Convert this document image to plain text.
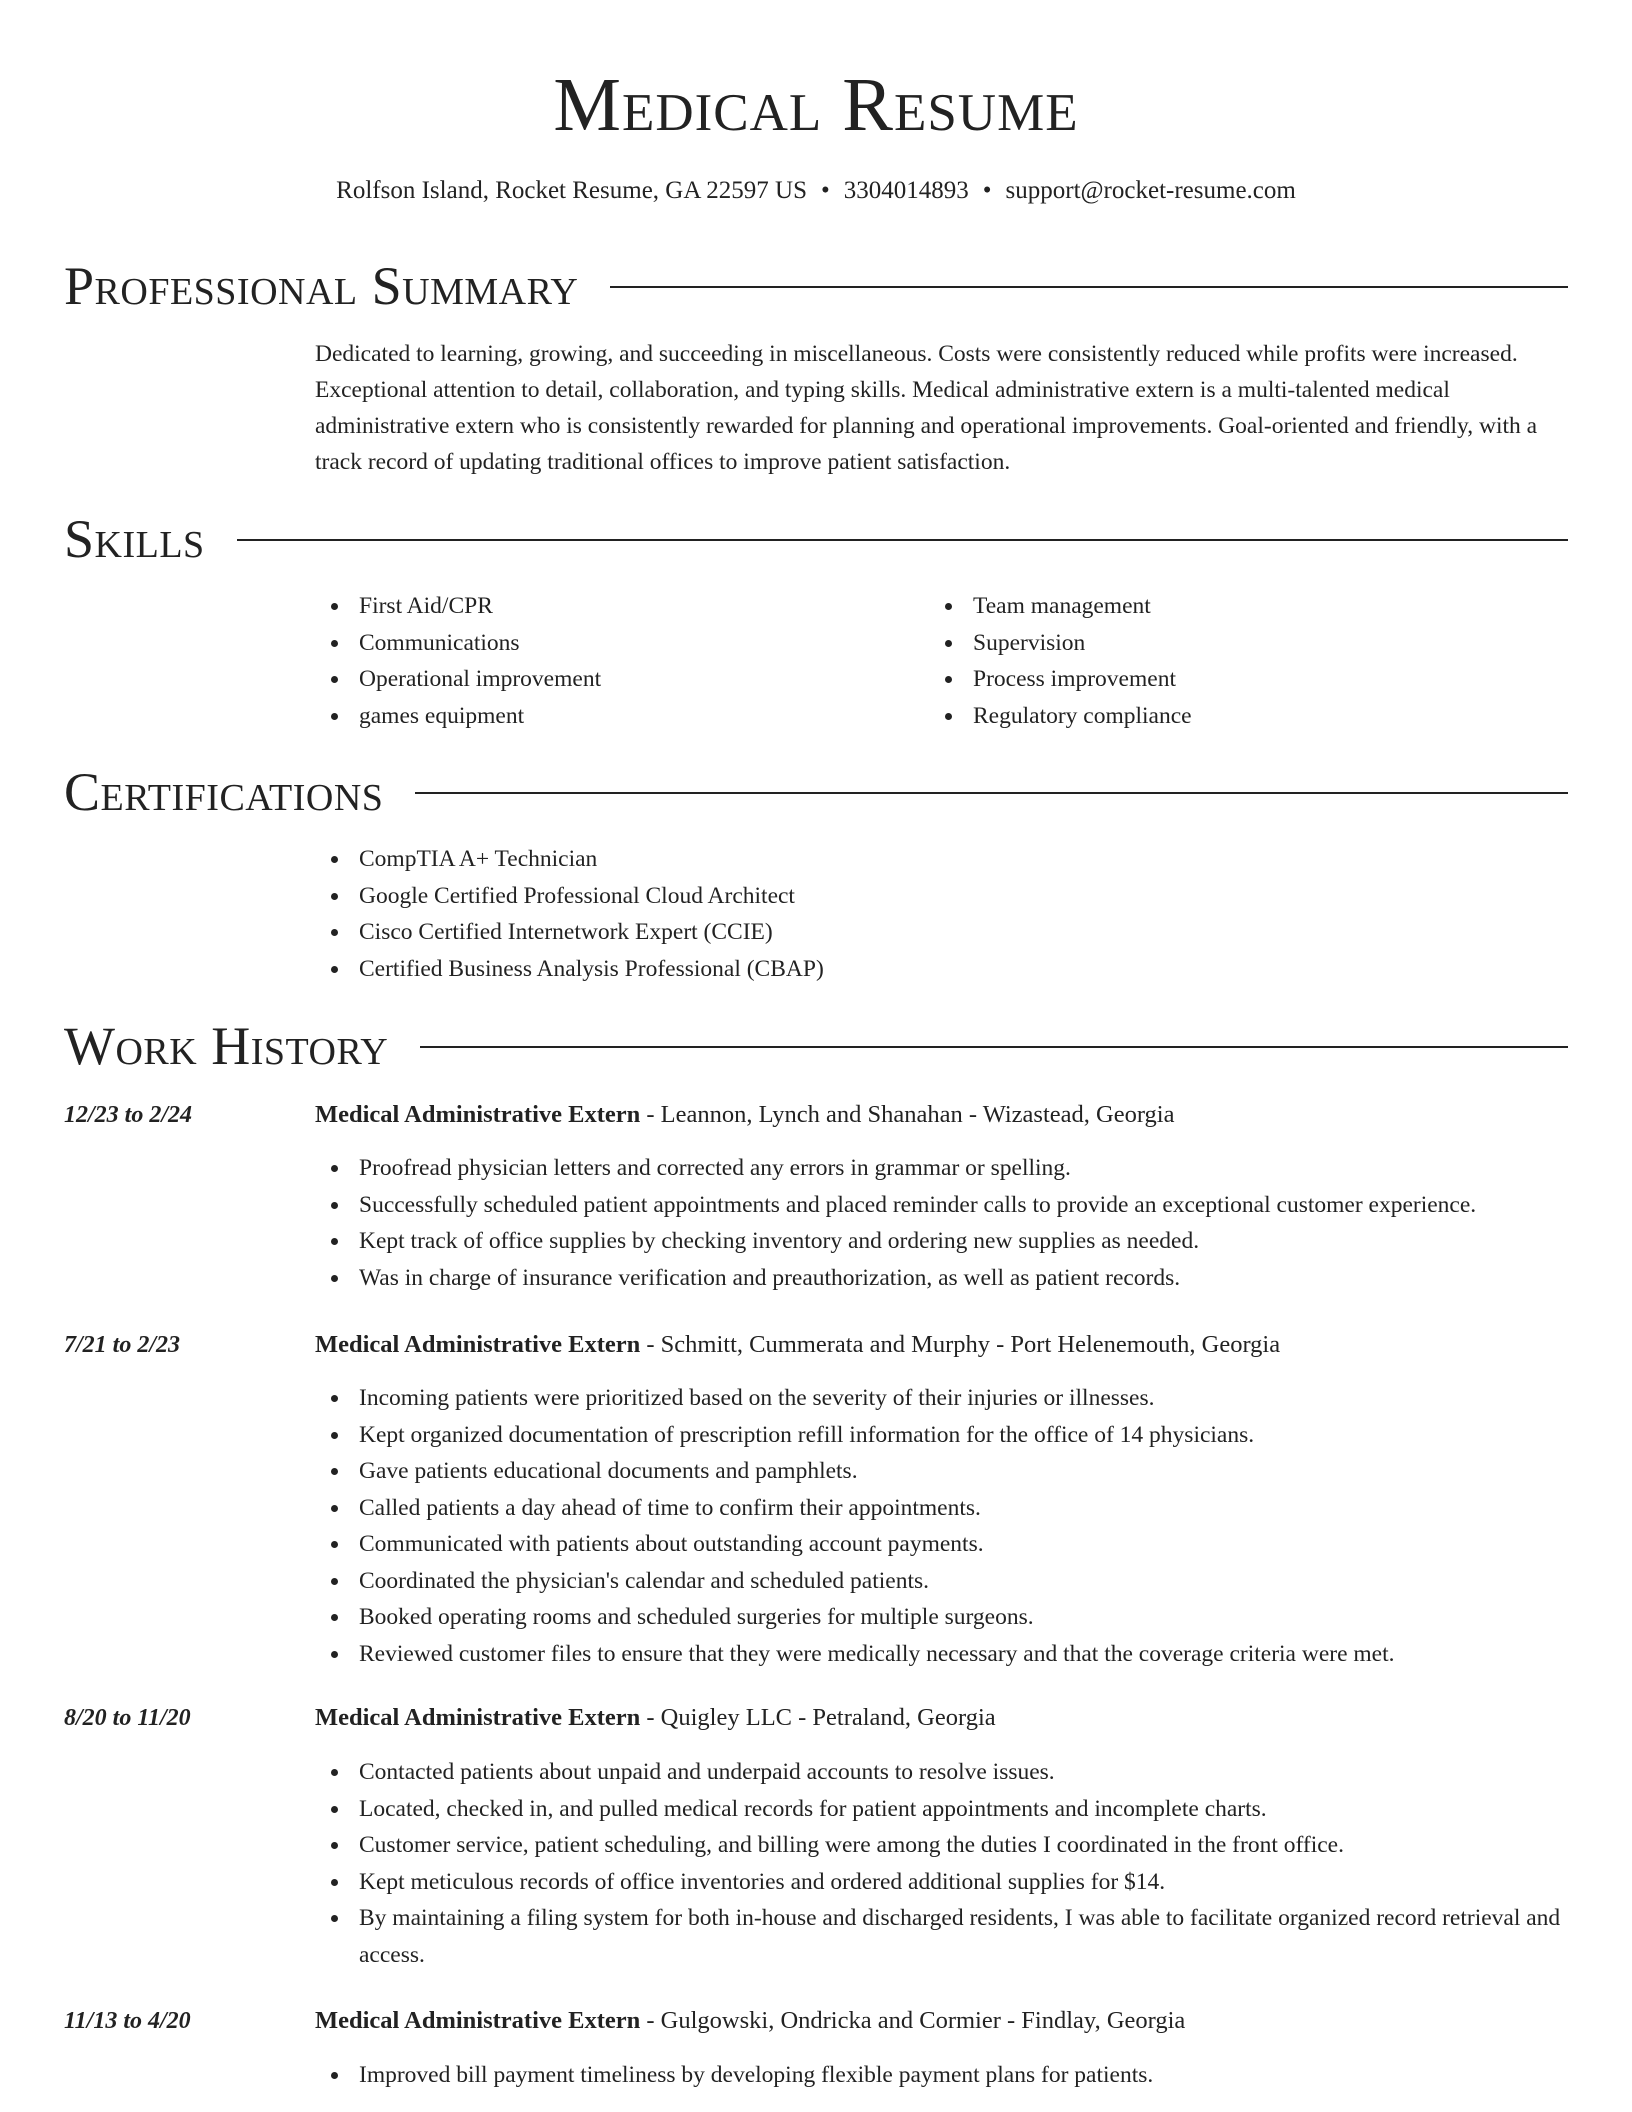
Medical Resume
Rolfson Island, Rocket Resume, GA 22597 US • 3304014893 • support@rocket-resume.com
Professional Summary

Dedicated to learning, growing, and succeeding in miscellaneous. Costs were consistently reduced while profits were increased. Exceptional attention to detail, collaboration, and typing skills. Medical administrative extern is a multi-talented medical administrative extern who is consistently rewarded for planning and operational improvements. Goal-oriented and friendly, with a track record of updating traditional offices to improve patient satisfaction.

Skills
First Aid/CPR
Communications
Operational improvement
games equipment
Team management
Supervision
Process improvement
Regulatory compliance
Certifications
CompTIA A+ Technician
Google Certified Professional Cloud Architect
Cisco Certified Internetwork Expert (CCIE)
Certified Business Analysis Professional (CBAP)
Work History
12/23 to 2/24	Medical Administrative Extern - Leannon, Lynch and Shanahan - Wizastead, Georgia
Proofread physician letters and corrected any errors in grammar or spelling.
Successfully scheduled patient appointments and placed reminder calls to provide an exceptional customer experience.
Kept track of office supplies by checking inventory and ordering new supplies as needed.
Was in charge of insurance verification and preauthorization, as well as patient records.
7/21 to 2/23	Medical Administrative Extern - Schmitt, Cummerata and Murphy - Port Helenemouth, Georgia
Incoming patients were prioritized based on the severity of their injuries or illnesses.
Kept organized documentation of prescription refill information for the office of 14 physicians.
Gave patients educational documents and pamphlets.
Called patients a day ahead of time to confirm their appointments.
Communicated with patients about outstanding account payments.
Coordinated the physician's calendar and scheduled patients.
Booked operating rooms and scheduled surgeries for multiple surgeons.
Reviewed customer files to ensure that they were medically necessary and that the coverage criteria were met.
8/20 to 11/20	Medical Administrative Extern - Quigley LLC - Petraland, Georgia
Contacted patients about unpaid and underpaid accounts to resolve issues.
Located, checked in, and pulled medical records for patient appointments and incomplete charts.
Customer service, patient scheduling, and billing were among the duties I coordinated in the front office.
Kept meticulous records of office inventories and ordered additional supplies for $14.
By maintaining a filing system for both in-house and discharged residents, I was able to facilitate organized record retrieval and access.
11/13 to 4/20	Medical Administrative Extern - Gulgowski, Ondricka and Cormier - Findlay, Georgia
Improved bill payment timeliness by developing flexible payment plans for patients.
